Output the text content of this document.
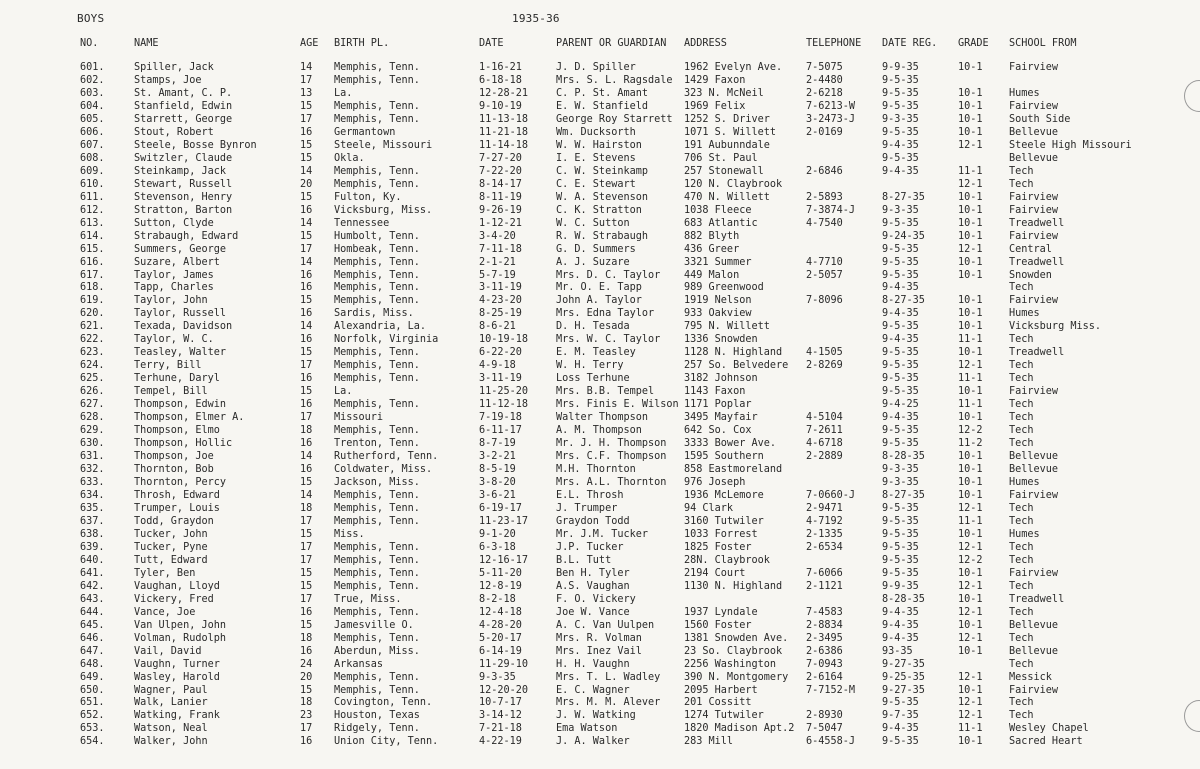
BOYS	1935-36
NO.	NAME	AGE	BIRTH PL.	DATE	PARENT OR GUARDIAN	ADDRESS	TELEPHONE	DATE REG.	GRADE	SCHOOL FROM
601.	Spiller, Jack	14	Memphis, Tenn.	1-16-21	J. D. Spiller	1962 Evelyn Ave.	7-5075	9-9-35	10-1	Fairview
602.	Stamps, Joe	17	Memphis, Tenn.	6-18-18	Mrs. S. L. Ragsdale	1429 Faxon	2-4480	9-5-35		
603.	St. Amant, C. P.	13	La.	12-28-21	C. P. St. Amant	323 N. McNeil	2-6218	9-5-35	10-1	Humes
604.	Stanfield, Edwin	15	Memphis, Tenn.	9-10-19	E. W. Stanfield	1969 Felix	7-6213-W	9-5-35	10-1	Fairview
605.	Starrett, George	17	Memphis, Tenn.	11-13-18	George Roy Starrett	1252 S. Driver	3-2473-J	9-3-35	10-1	South Side
606.	Stout, Robert	16	Germantown	11-21-18	Wm. Ducksorth	1071 S. Willett	2-0169	9-5-35	10-1	Bellevue
607.	Steele, Bosse Bynron	15	Steele, Missouri	11-14-18	W. W. Hairston	191 Aubunndale		9-4-35	12-1	Steele High Missouri
608.	Switzler, Claude	15	Okla.	7-27-20	I. E. Stevens	706 St. Paul		9-5-35		Bellevue
609.	Steinkamp, Jack	14	Memphis, Tenn.	7-22-20	C. W. Steinkamp	257 Stonewall	2-6846	9-4-35	11-1	Tech
610.	Stewart, Russell	20	Memphis, Tenn.	8-14-17	C. E. Stewart	120 N. Claybrook			12-1	Tech
611.	Stevenson, Henry	15	Fulton, Ky.	8-11-19	W. A. Stevenson	470 N. Willett	2-5893	8-27-35	10-1	Fairview
612.	Stratton, Barton	16	Vicksburg, Miss.	9-26-19	C. K. Stratton	1038 Fleece	7-3874-J	9-3-35	10-1	Fairview
613.	Sutton, Clyde	14	Tennessee	1-12-21	W. C. Sutton	683 Atlantic	4-7540	9-5-35	10-1	Treadwell
614.	Strabaugh, Edward	15	Humbolt, Tenn.	3-4-20	R. W. Strabaugh	882 Blyth		9-24-35	10-1	Fairview
615.	Summers, George	17	Hombeak, Tenn.	7-11-18	G. D. Summers	436 Greer		9-5-35	12-1	Central
616.	Suzare, Albert	14	Memphis, Tenn.	2-1-21	A. J. Suzare	3321 Summer	4-7710	9-5-35	10-1	Treadwell
617.	Taylor, James	16	Memphis, Tenn.	5-7-19	Mrs. D. C. Taylor	449 Malon	2-5057	9-5-35	10-1	Snowden
618.	Tapp, Charles	16	Memphis, Tenn.	3-11-19	Mr. O. E. Tapp	989 Greenwood		9-4-35		Tech
619.	Taylor, John	15	Memphis, Tenn.	4-23-20	John A. Taylor	1919 Nelson	7-8096	8-27-35	10-1	Fairview
620.	Taylor, Russell	16	Sardis, Miss.	8-25-19	Mrs. Edna Taylor	933 Oakview		9-4-35	10-1	Humes
621.	Texada, Davidson	14	Alexandria, La.	8-6-21	D. H. Tesada	795 N. Willett		9-5-35	10-1	Vicksburg Miss.
622.	Taylor, W. C.	16	Norfolk, Virginia	10-19-18	Mrs. W. C. Taylor	1336 Snowden		9-4-35	11-1	Tech
623.	Teasley, Walter	15	Memphis, Tenn.	6-22-20	E. M. Teasley	1128 N. Highland	4-1505	9-5-35	10-1	Treadwell
624.	Terry, Bill	17	Memphis, Tenn.	4-9-18	W. H. Terry	257 So. Belvedere	2-8269	9-5-35	12-1	Tech
625.	Terhune, Daryl	16	Memphis, Tenn.	3-11-19	Loss Terhune	3182 Johnson		9-5-35	11-1	Tech
626.	Tempel, Bill	15	La.	11-25-20	Mrs. B.B. Tempel	1143 Faxon		9-5-35	10-1	Fairview
627.	Thompson, Edwin	16	Memphis, Tenn.	11-12-18	Mrs. Finis E. Wilson	1171 Poplar		9-4-25	11-1	Tech
628.	Thompson, Elmer A.	17	Missouri	7-19-18	Walter Thompson	3495 Mayfair	4-5104	9-4-35	10-1	Tech
629.	Thompson, Elmo	18	Memphis, Tenn.	6-11-17	A. M. Thompson	642 So. Cox	7-2611	9-5-35	12-2	Tech
630.	Thompson, Hollic	16	Trenton, Tenn.	8-7-19	Mr. J. H. Thompson	3333 Bower Ave.	4-6718	9-5-35	11-2	Tech
631.	Thompson, Joe	14	Rutherford, Tenn.	3-2-21	Mrs. C.F. Thompson	1595 Southern	2-2889	8-28-35	10-1	Bellevue
632.	Thornton, Bob	16	Coldwater, Miss.	8-5-19	M.H. Thornton	858 Eastmoreland		9-3-35	10-1	Bellevue
633.	Thornton, Percy	15	Jackson, Miss.	3-8-20	Mrs. A.L. Thornton	976 Joseph		9-3-35	10-1	Humes
634.	Throsh, Edward	14	Memphis, Tenn.	3-6-21	E.L. Throsh	1936 McLemore	7-0660-J	8-27-35	10-1	Fairview
635.	Trumper, Louis	18	Memphis, Tenn.	6-19-17	J. Trumper	94 Clark	2-9471	9-5-35	12-1	Tech
637.	Todd, Graydon	17	Memphis, Tenn.	11-23-17	Graydon Todd	3160 Tutwiler	4-7192	9-5-35	11-1	Tech
638.	Tucker, John	15	Miss.	9-1-20	Mr. J.M. Tucker	1033 Forrest	2-1335	9-5-35	10-1	Humes
639.	Tucker, Pyne	17	Memphis, Tenn.	6-3-18	J.P. Tucker	1825 Foster	2-6534	9-5-35	12-1	Tech
640.	Tutt, Edward	17	Memphis, Tenn.	12-16-17	B.L. Tutt	28N. Claybrook		9-5-35	12-2	Tech
641.	Tyler, Ben	15	Memphis, Tenn.	5-11-20	Ben H. Tyler	2194 Court	7-6066	9-5-35	10-1	Fairview
642.	Vaughan, Lloyd	15	Memphis, Tenn.	12-8-19	A.S. Vaughan	1130 N. Highland	2-1121	9-9-35	12-1	Tech
643.	Vickery, Fred	17	True, Miss.	8-2-18	F. O. Vickery			8-28-35	10-1	Treadwell
644.	Vance, Joe	16	Memphis, Tenn.	12-4-18	Joe W. Vance	1937 Lyndale	7-4583	9-4-35	12-1	Tech
645.	Van Ulpen, John	15	Jamesville O.	4-28-20	A. C. Van Uulpen	1560 Foster	2-8834	9-4-35	10-1	Bellevue
646.	Volman, Rudolph	18	Memphis, Tenn.	5-20-17	Mrs. R. Volman	1381 Snowden Ave.	2-3495	9-4-35	12-1	Tech
647.	Vail, David	16	Aberdun, Miss.	6-14-19	Mrs. Inez Vail	23 So. Claybrook	2-6386	93-35	10-1	Bellevue
648.	Vaughn, Turner	24	Arkansas	11-29-10	H. H. Vaughn	2256 Washington	7-0943	9-27-35		Tech
649.	Wasley, Harold	20	Memphis, Tenn.	9-3-35	Mrs. T. L. Wadley	390 N. Montgomery	2-6164	9-25-35	12-1	Messick
650.	Wagner, Paul	15	Memphis, Tenn.	12-20-20	E. C. Wagner	2095 Harbert	7-7152-M	9-27-35	10-1	Fairview
651.	Walk, Lanier	18	Covington, Tenn.	10-7-17	Mrs. M. M. Alever	201 Cossitt		9-5-35	12-1	Tech
652.	Watking, Frank	23	Houston, Texas	3-14-12	J. W. Watking	1274 Tutwiler	2-8930	9-7-35	12-1	Tech
653.	Watson, Neal	17	Ridgely, Tenn.	7-21-18	Ema Watson	1820 Madison Apt.2	7-5047	9-4-35	11-1	Wesley Chapel
654.	Walker, John	16	Union City, Tenn.	4-22-19	J. A. Walker	283 Mill	6-4558-J	9-5-35	10-1	Sacred Heart
